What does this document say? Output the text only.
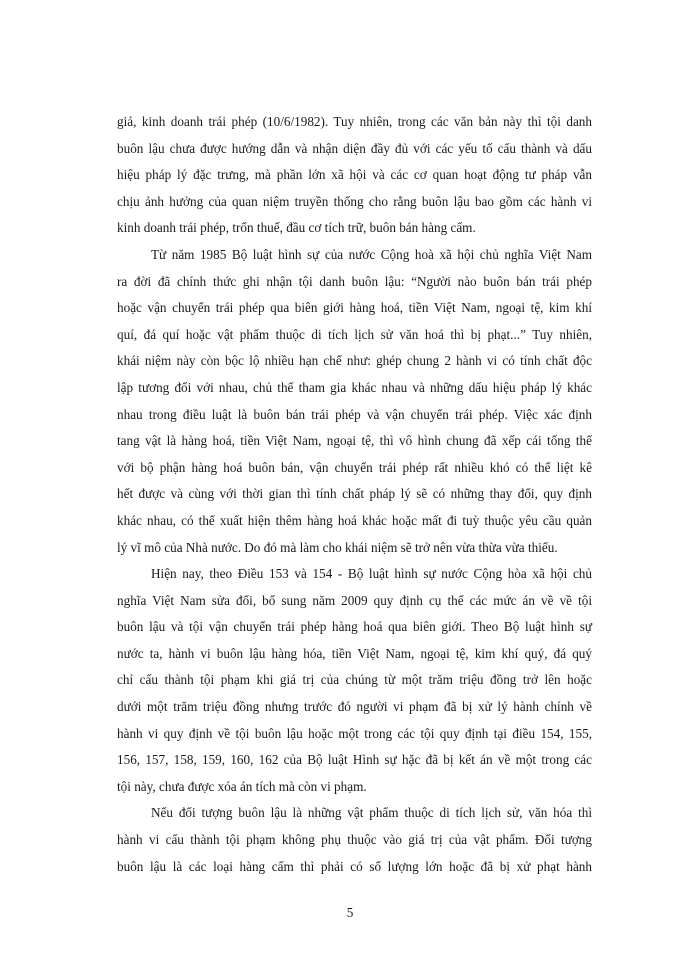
giả, kinh doanh trái phép (10/6/1982). Tuy nhiên, trong các văn bản này thì tội danh
buôn lậu chưa được hướng dẫn và nhận diện đầy đủ với các yếu tố cấu thành và dấu
hiệu pháp lý đặc trưng, mà phần lớn xã hội và các cơ quan hoạt động tư pháp vẫn
chịu ảnh hưởng của quan niệm truyền thống cho rằng buôn lậu bao gồm các hành vi
kinh doanh trái phép, trốn thuế, đầu cơ tích trữ, buôn bán hàng cấm.
Từ năm 1985 Bộ luật hình sự của nước Cộng hoà xã hội chủ nghĩa Việt Nam
ra đời đã chính thức ghi nhận tội danh buôn lậu: “Người nào buôn bán trái phép
hoặc vận chuyển trái phép qua biên giới hàng hoá, tiền Việt Nam, ngoại tệ, kim khí
quí, đá quí hoặc vật phẩm thuộc di tích lịch sử văn hoá thì bị phạt...” Tuy nhiên,
khái niệm này còn bộc lộ nhiều hạn chế như: ghép chung 2 hành vi có tính chất độc
lập tương đối với nhau, chủ thể tham gia khác nhau và những dấu hiệu pháp lý khác
nhau trong điều luật là buôn bán trái phép và vận chuyển trái phép. Việc xác định
tang vật là hàng hoá, tiền Việt Nam, ngoại tệ, thì vô hình chung đã xếp cái tổng thể
với bộ phận hàng hoá buôn bán, vận chuyển trái phép rất nhiều khó có thể liệt kê
hết được và cùng với thời gian thì tính chất pháp lý sẽ có những thay đổi, quy định
khác nhau, có thể xuất hiện thêm hàng hoá khác hoặc mất đi tuỳ thuộc yêu cầu quản
lý vĩ mô của Nhà nước. Do đó mà làm cho khái niệm sẽ trở nên vừa thừa vừa thiếu.
Hiện nay, theo Điều 153 và 154 - Bộ luật hình sự nước Cộng hòa xã hội chủ
nghĩa Việt Nam sửa đổi, bổ sung năm 2009 quy định cụ thể các mức án về về tội
buôn lậu và tội vận chuyển trái phép hàng hoá qua biên giới. Theo Bộ luật hình sự
nước ta, hành vi buôn lậu hàng hóa, tiền Việt Nam, ngoại tệ, kim khí quý, đá quý
chỉ cấu thành tội phạm khi giá trị của chúng từ một trăm triệu đồng trở lên hoặc
dưới một trăm triệu đồng nhưng trước đó người vi phạm đã bị xử lý hành chính về
hành vi quy định về tội buôn lậu hoặc một trong các tội quy định tại điều 154, 155,
156, 157, 158, 159, 160, 162 của Bộ luật Hình sự hặc đã bị kết án về một trong các
tội này, chưa được xóa án tích mà còn vi phạm.
Nếu đối tượng buôn lậu là những vật phẩm thuộc di tích lịch sử, văn hóa thì
hành vi cấu thành tội phạm không phụ thuộc vào giá trị của vật phẩm. Đối tượng
buôn lậu là các loại hàng cấm thì phải có số lượng lớn hoặc đã bị xử phạt hành
5
